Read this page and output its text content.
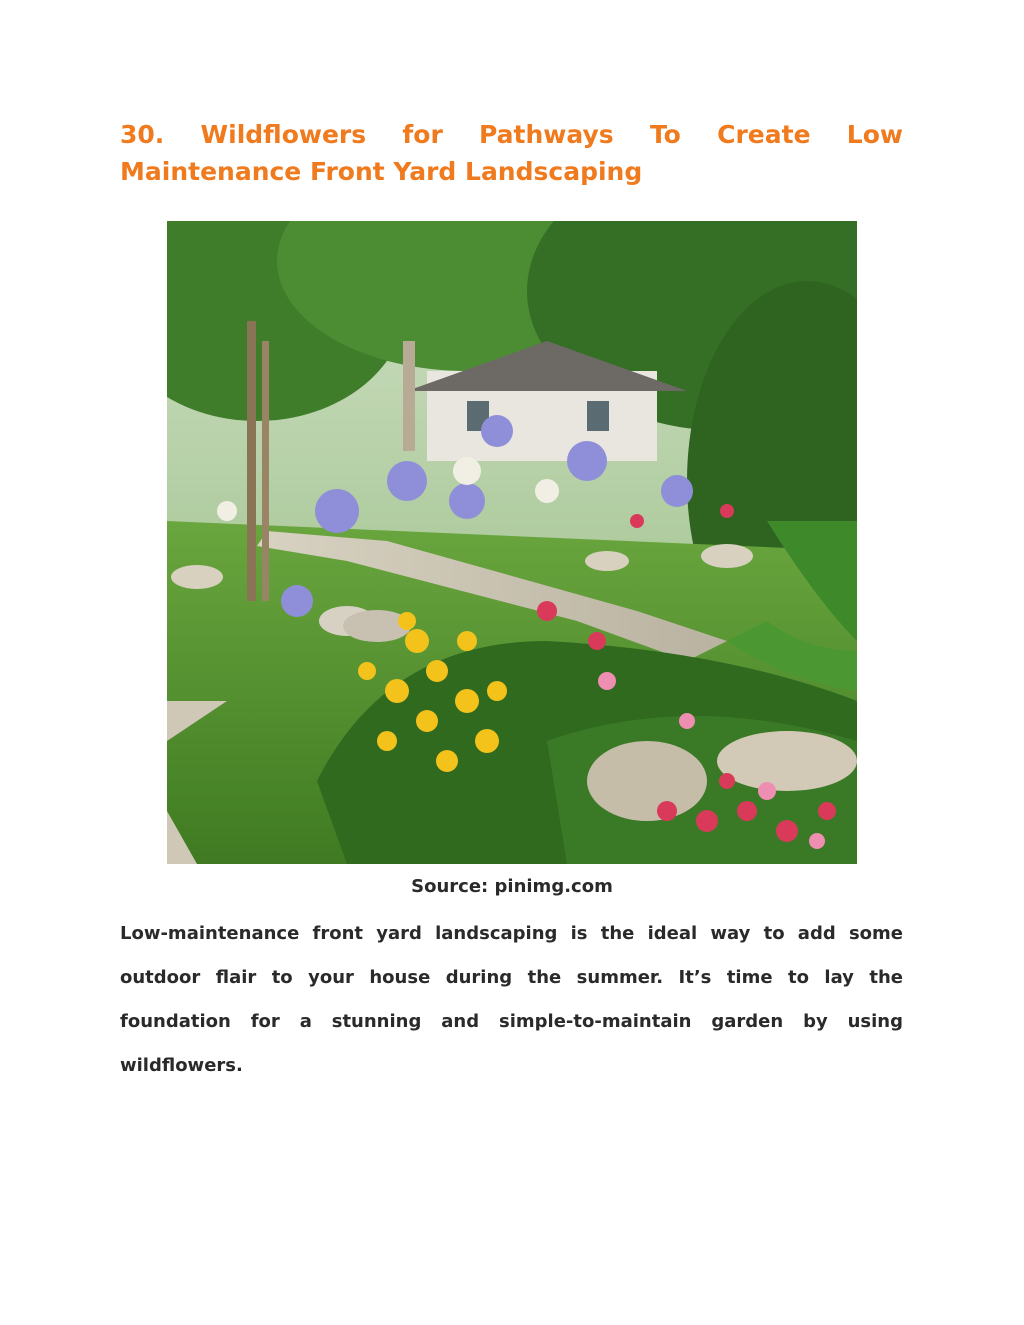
30. Wildflowers for Pathways To Create Low Maintenance Front Yard Landscaping
Source: pinimg.com

Low-maintenance front yard landscaping is the ideal way to add some outdoor flair to your house during the summer. It’s time to lay the foundation for a stunning and simple-to-maintain garden by using wildflowers.
